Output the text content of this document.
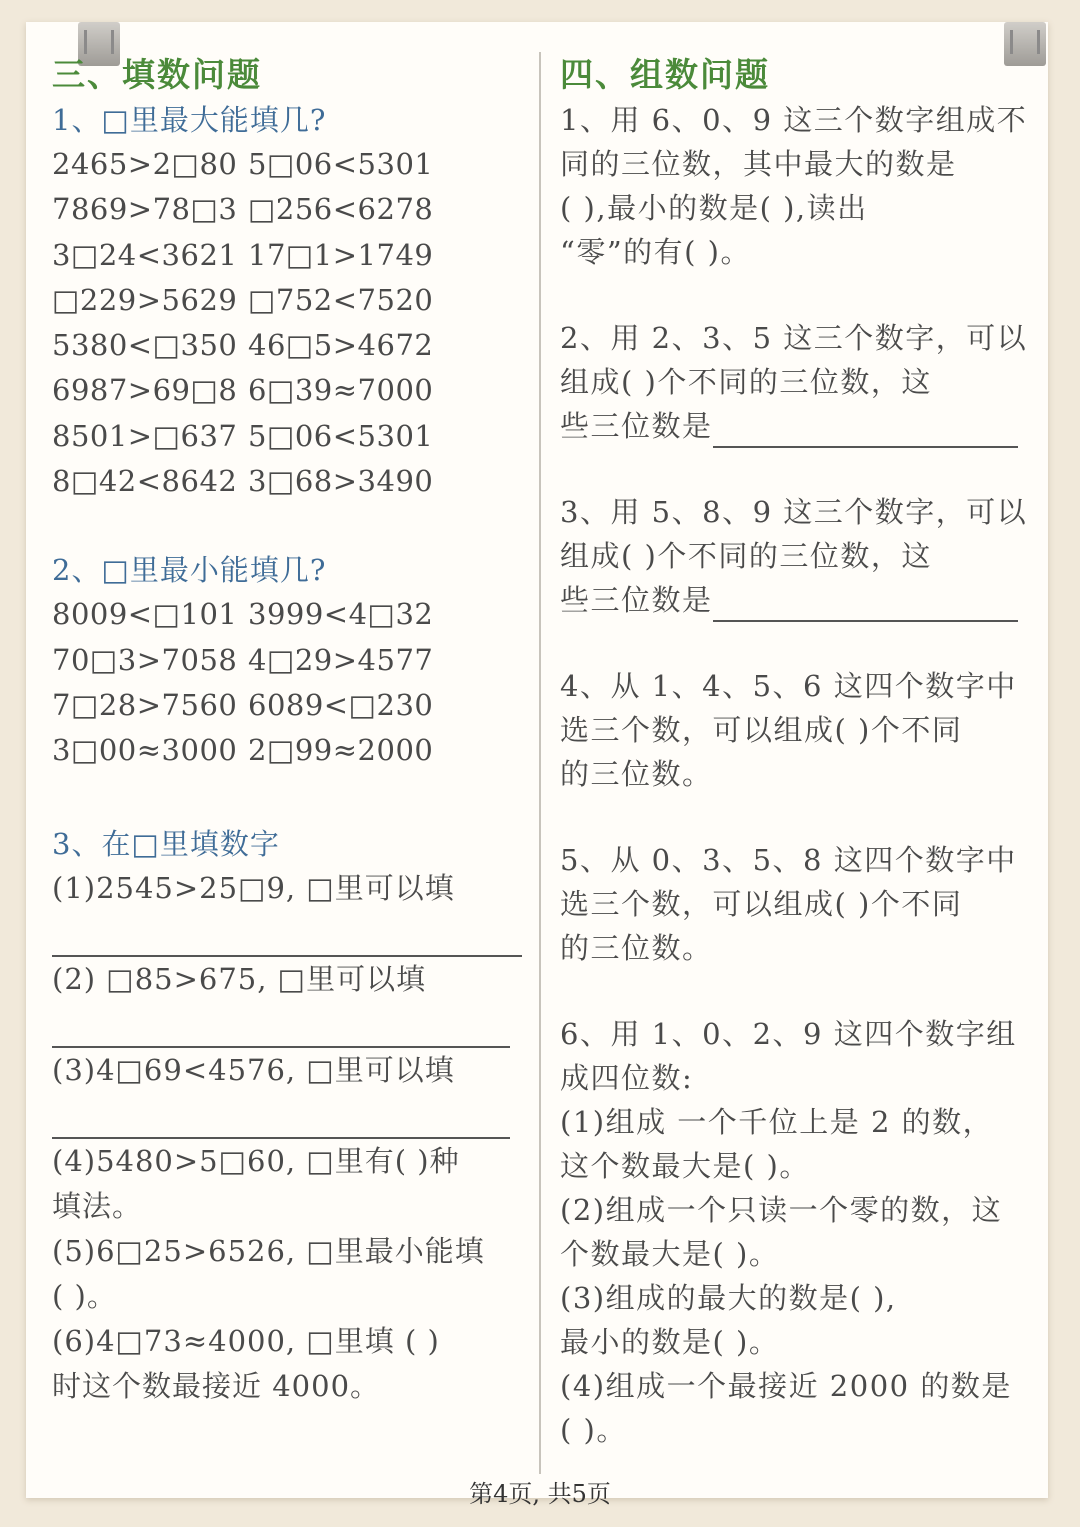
三、填数问题
1、□里最大能填几?
2465>2□80 5□06<5301
7869>78□3 □256<6278
3□24<3621 17□1>1749
□229>5629 □752<7520
5380<□350 46□5>4672
6987>69□8 6□39≈7000
8501>□637 5□06<5301
8□42<8642 3□68>3490
2、□里最小能填几?
8009<□101 3999<4□32
70□3>7058 4□29>4577
7□28>7560 6089<□230
3□00≈3000 2□99≈2000
3、在□里填数字
(1)2545>25□9, □里可以填
(2) □85>675, □里可以填
(3)4□69<4576, □里可以填
(4)5480>5□60, □里有( )种
填法。
(5)6□25>6526, □里最小能填
( )。
(6)4□73≈4000, □里填 ( )
时这个数最接近 4000。
四、组数问题
1、用 6、0、9 这三个数字组成不
同的三位数，其中最大的数是
( ),最小的数是( ),读出
“零”的有( )。
2、用 2、3、5 这三个数字，可以
组成( )个不同的三位数，这
些三位数是
3、用 5、8、9 这三个数字，可以
组成( )个不同的三位数，这
些三位数是
4、从 1、4、5、6 这四个数字中
选三个数，可以组成( )个不同
的三位数。
5、从 0、3、5、8 这四个数字中
选三个数，可以组成( )个不同
的三位数。
6、用 1、0、2、9 这四个数字组
成四位数:
(1)组成 一个千位上是 2 的数，
这个数最大是( )。
(2)组成一个只读一个零的数，这
个数最大是( )。
(3)组成的最大的数是( ),
最小的数是( )。
(4)组成一个最接近 2000 的数是
( )。
第4页, 共5页
